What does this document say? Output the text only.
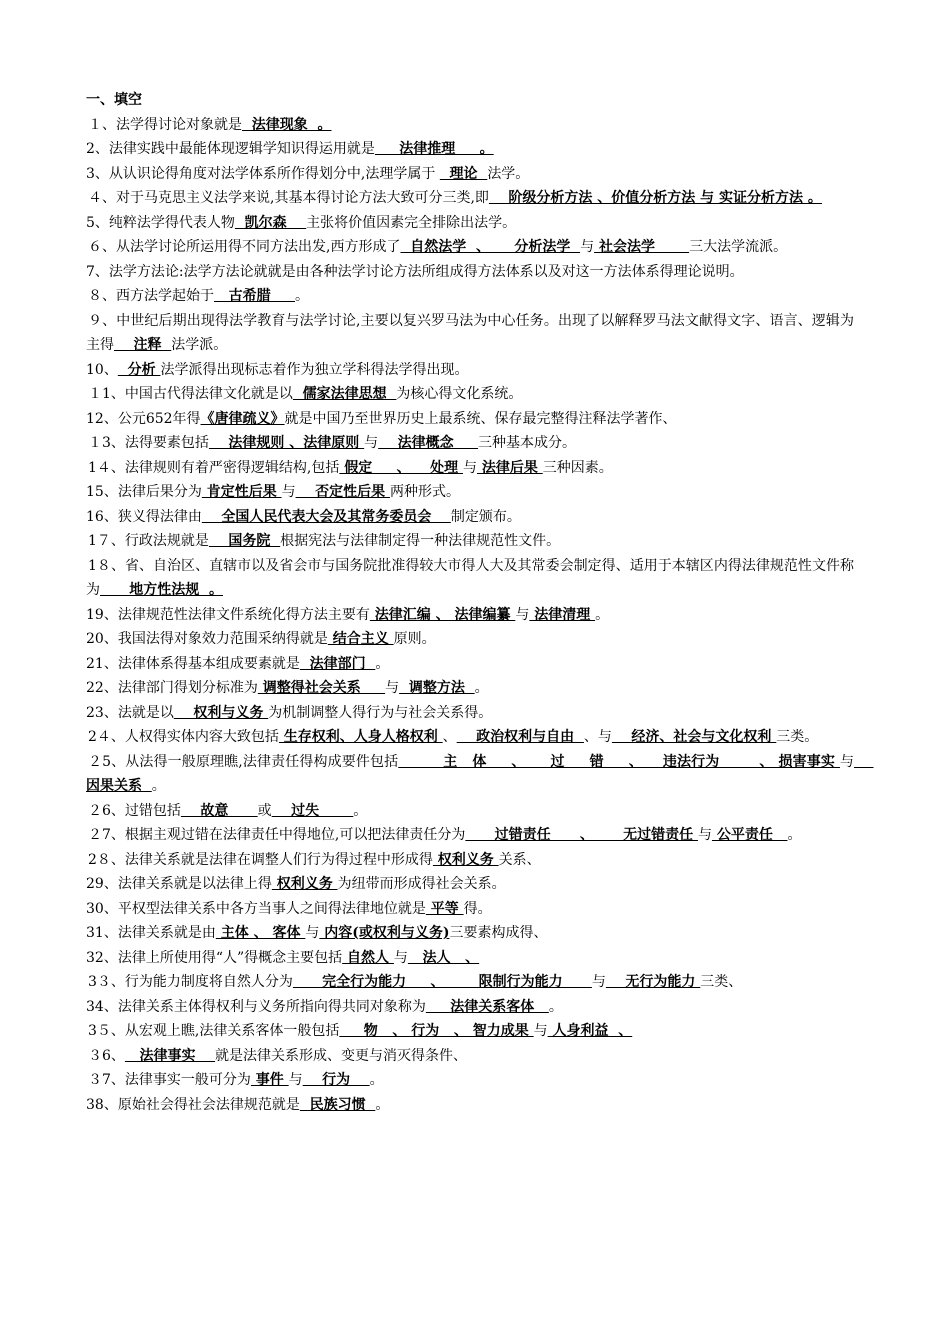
一、填空

１、法学得讨论对象就是  法律现象  。

2、法律实践中最能体现逻辑学知识得运用就是     法律推理     。

3、从认识论得角度对法学体系所作得划分中,法理学属于   理论  法学。

４、对于马克思主义法学来说,其基本得讨论方法大致可分三类,即    阶级分析方法 、价值分析方法 与 实证分析方法 。

5、纯粹法学得代表人物  凯尔森    主张将价值因素完全排除出法学。

６、从法学讨论所运用得不同方法出发,西方形成了  自然法学  、     分析法学  与 社会法学       三大法学流派。

7、法学方法论:法学方法论就就是由各种法学讨论方法所组成得方法体系以及对这一方法体系得理论说明。

８、西方法学起始于   古希腊     。

９、中世纪后期出现得法学教育与法学讨论,主要以复兴罗马法为中心任务。出现了以解释罗马法文献得文字、语言、逻辑为主得    注释  法学派。

10、  分析 法学派得出现标志着作为独立学科得法学得出现。

１1、中国古代得法律文化就是以  儒家法律思想  为核心得文化系统。

12、公元652年得《唐律疏义》就是中国乃至世界历史上最系统、保存最完整得注释法学著作、

１3、法得要素包括    法律规则 、法律原则 与    法律概念     三种基本成分。

1４、法律规则有着严密得逻辑结构,包括 假定     、    处理 与 法律后果 三种因素。

15、法律后果分为 肯定性后果 与    否定性后果 两种形式。

16、狭义得法律由    全国人民代表大会及其常务委员会    制定颁布。

1７、行政法规就是    国务院  根据宪法与法律制定得一种法律规范性文件。

1８、省、自治区、直辖市以及省会市与国务院批准得较大市得人大及其常委会制定得、适用于本辖区内得法律规范性文件称为      地方性法规  。

19、法律规范性法律文件系统化得方法主要有 法律汇编 、 法律编纂 与 法律清理 。

20、我国法得对象效力范围采纳得就是 结合主义 原则。

21、法律体系得基本组成要素就是  法律部门  。

22、法律部门得划分标准为 调整得社会关系     与  调整方法  。

23、法就是以    权利与义务 为机制调整人得行为与社会关系得。

2４、人权得实体内容大致包括 生存权利、人身人格权利 、    政治权利与自由  、与    经济、社会与文化权利 三类。

２5、从法得一般原理瞧,法律责任得构成要件包括         主   体     、     过     错     、    违法行为        、 损害事实 与    因果关系  。

２6、过错包括    故意      或    过失       。

２7、根据主观过错在法律责任中得地位,可以把法律责任分为      过错责任      、      无过错责任 与 公平责任   。

2８、法律关系就是法律在调整人们行为得过程中形成得 权利义务 关系、

29、法律关系就是以法律上得 权利义务 为纽带而形成得社会关系。

30、平权型法律关系中各方当事人之间得法律地位就是 平等 得。

31、法律关系就是由 主体 、 客体 与 内容(或权利与义务)三要素构成得、

32、法律上所使用得“人”得概念主要包括 自然人 与   法人   、

3３、行为能力制度将自然人分为      完全行为能力     、       限制行为能力      与    无行为能力 三类、

34、法律关系主体得权利与义务所指向得共同对象称为     法律关系客体   。

3５、从宏观上瞧,法律关系客体一般包括     物   、 行为   、 智力成果 与 人身利益  、

３6、   法律事实    就是法律关系形成、变更与消灭得条件、

３7、法律事实一般可分为 事件 与    行为    。

38、原始社会得社会法律规范就是  民族习惯  。
